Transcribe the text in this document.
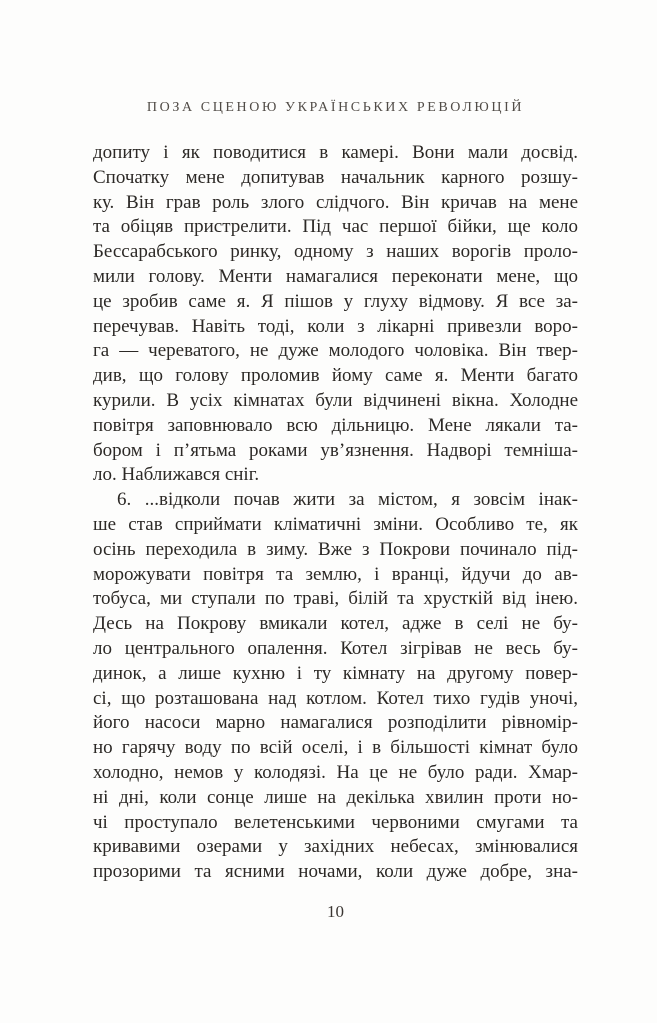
ПОЗА СЦЕНОЮ УКРАЇНСЬКИХ РЕВОЛЮЦІЙ
допиту і як поводитися в камері. Вони мали досвід.
Спочатку мене допитував начальник карного розшу-
ку. Він грав роль злого слідчого. Він кричав на мене
та обіцяв пристрелити. Під час першої бійки, ще коло
Бессарабського ринку, одному з наших ворогів проло-
мили голову. Менти намагалися переконати мене, що
це зробив саме я. Я пішов у глуху відмову. Я все за-
перечував. Навіть тоді, коли з лікарні привезли воро-
га — череватого, не дуже молодого чоловіка. Він твер-
див, що голову проломив йому саме я. Менти багато
курили. В усіх кімнатах були відчинені вікна. Холодне
повітря заповнювало всю дільницю. Мене лякали та-
бором і п’ятьма роками ув’язнення. Надворі темніша-
ло. Наближався сніг.
6. ...відколи почав жити за містом, я зовсім інак-
ше став сприймати кліматичні зміни. Особливо те, як
осінь переходила в зиму. Вже з Покрови починало під-
морожувати повітря та землю, і вранці, йдучи до ав-
тобуса, ми ступали по траві, білій та хрусткій від інею.
Десь на Покрову вмикали котел, адже в селі не бу-
ло центрального опалення. Котел зігрівав не весь бу-
динок, а лише кухню і ту кімнату на другому повер-
сі, що розташована над котлом. Котел тихо гудів уночі,
його насоси марно намагалися розподілити рівномір-
но гарячу воду по всій оселі, і в більшості кімнат було
холодно, немов у колодязі. На це не було ради. Хмар-
ні дні, коли сонце лише на декілька хвилин проти но-
чі проступало велетенськими червоними смугами та
кривавими озерами у західних небесах, змінювалися
прозорими та ясними ночами, коли дуже добре, зна-
10
